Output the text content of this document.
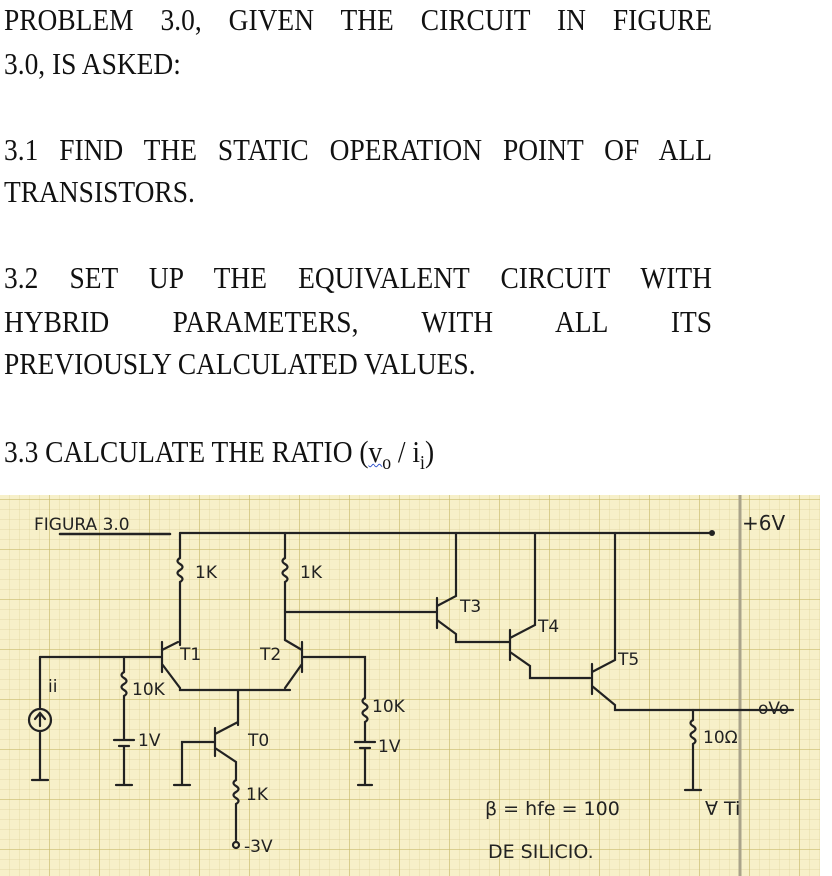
PROBLEM 3.0, GIVEN THE CIRCUIT IN FIGURE
3.0, IS ASKED:
3.1 FIND THE STATIC OPERATION POINT OF ALL
TRANSISTORS.
3.2 SET UP THE EQUIVALENT CIRCUIT WITH
HYBRID PARAMETERS, WITH ALL ITS
PREVIOUSLY CALCULATED VALUES.
3.3 CALCULATE THE RATIO $(v_o / i_i)$
FIGURA 3.0	+6V
1K	1K
T1	T2
T3
T4
T5
T0
10K
10K
1V	1V
1K
-3V
ii
oVo
10Ω
β = hfe = 100	∀ Ti
DE SILICIO.
